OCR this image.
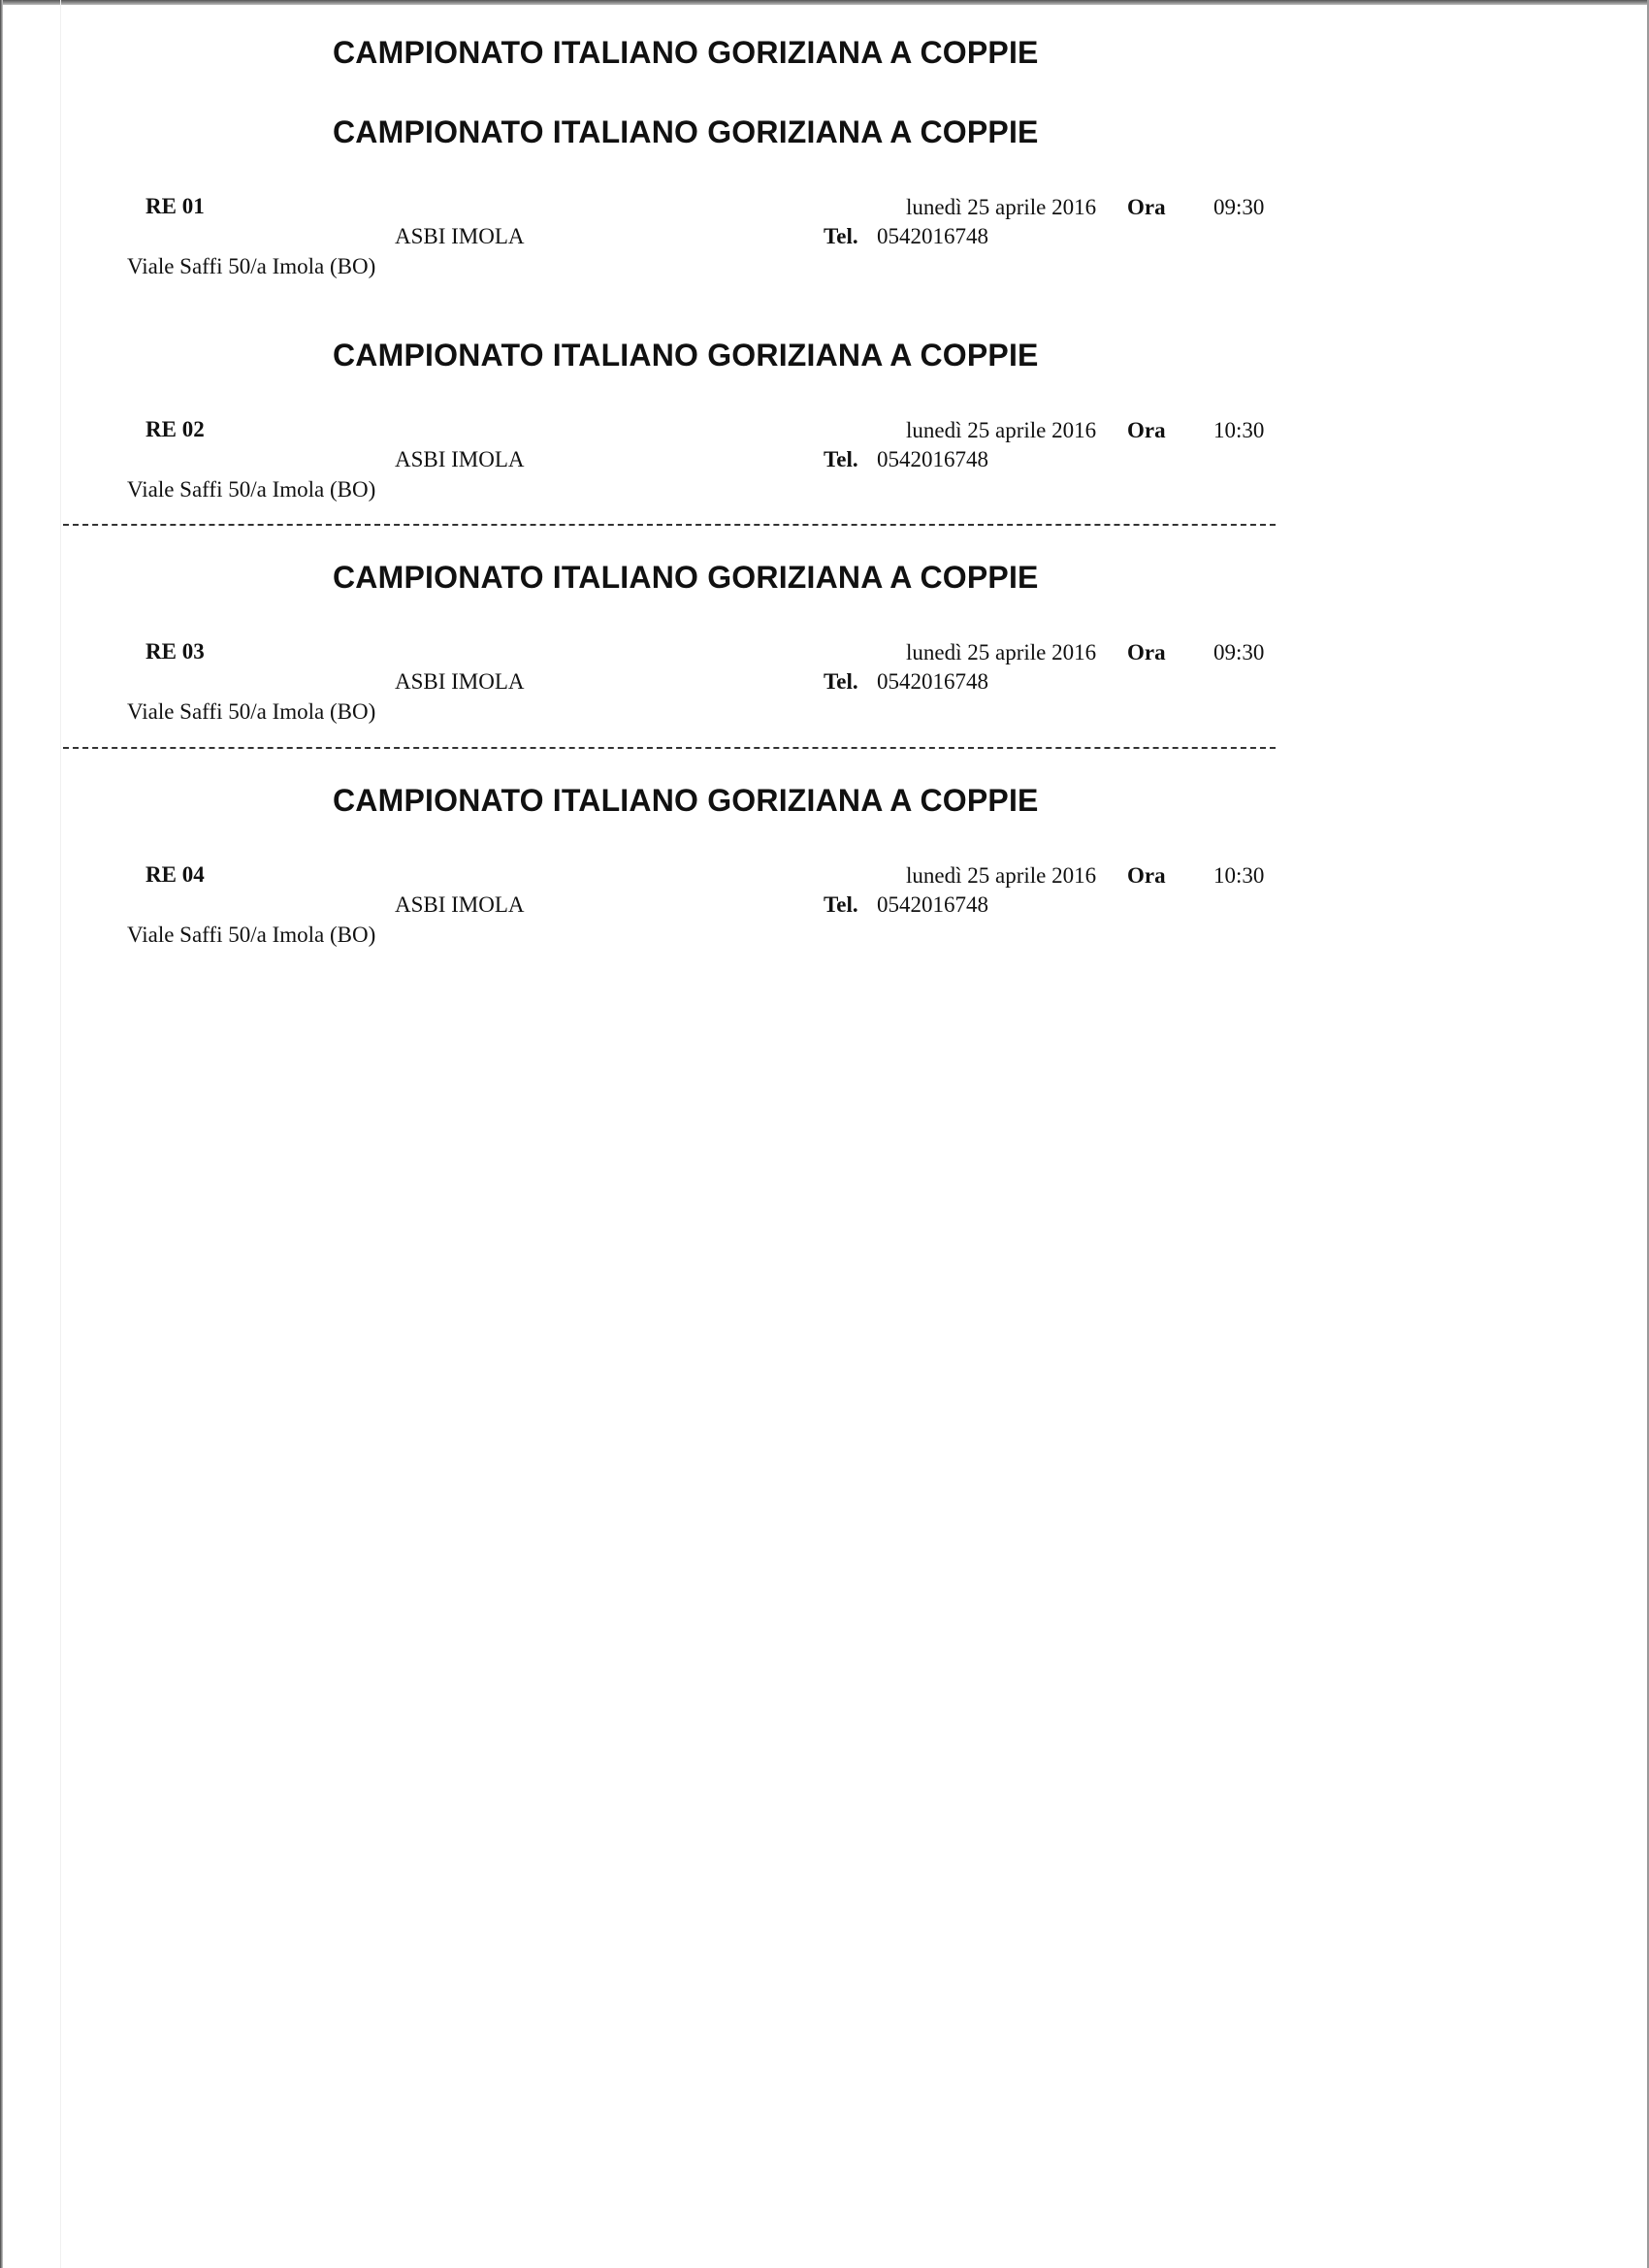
CAMPIONATO ITALIANO GORIZIANA A COPPIE
CAMPIONATO ITALIANO GORIZIANA A COPPIE
RE 01	lunedì 25 aprile 2016 Ora 09:30
ASBI IMOLA	Tel. 0542016748
Viale Saffi 50/a Imola (BO)
CAMPIONATO ITALIANO GORIZIANA A COPPIE
RE 02	lunedì 25 aprile 2016 Ora 10:30
ASBI IMOLA	Tel. 0542016748
Viale Saffi 50/a Imola (BO)
CAMPIONATO ITALIANO GORIZIANA A COPPIE
RE 03	lunedì 25 aprile 2016 Ora 09:30
ASBI IMOLA	Tel. 0542016748
Viale Saffi 50/a Imola (BO)
CAMPIONATO ITALIANO GORIZIANA A COPPIE
RE 04	lunedì 25 aprile 2016 Ora 10:30
ASBI IMOLA	Tel. 0542016748
Viale Saffi 50/a Imola (BO)
